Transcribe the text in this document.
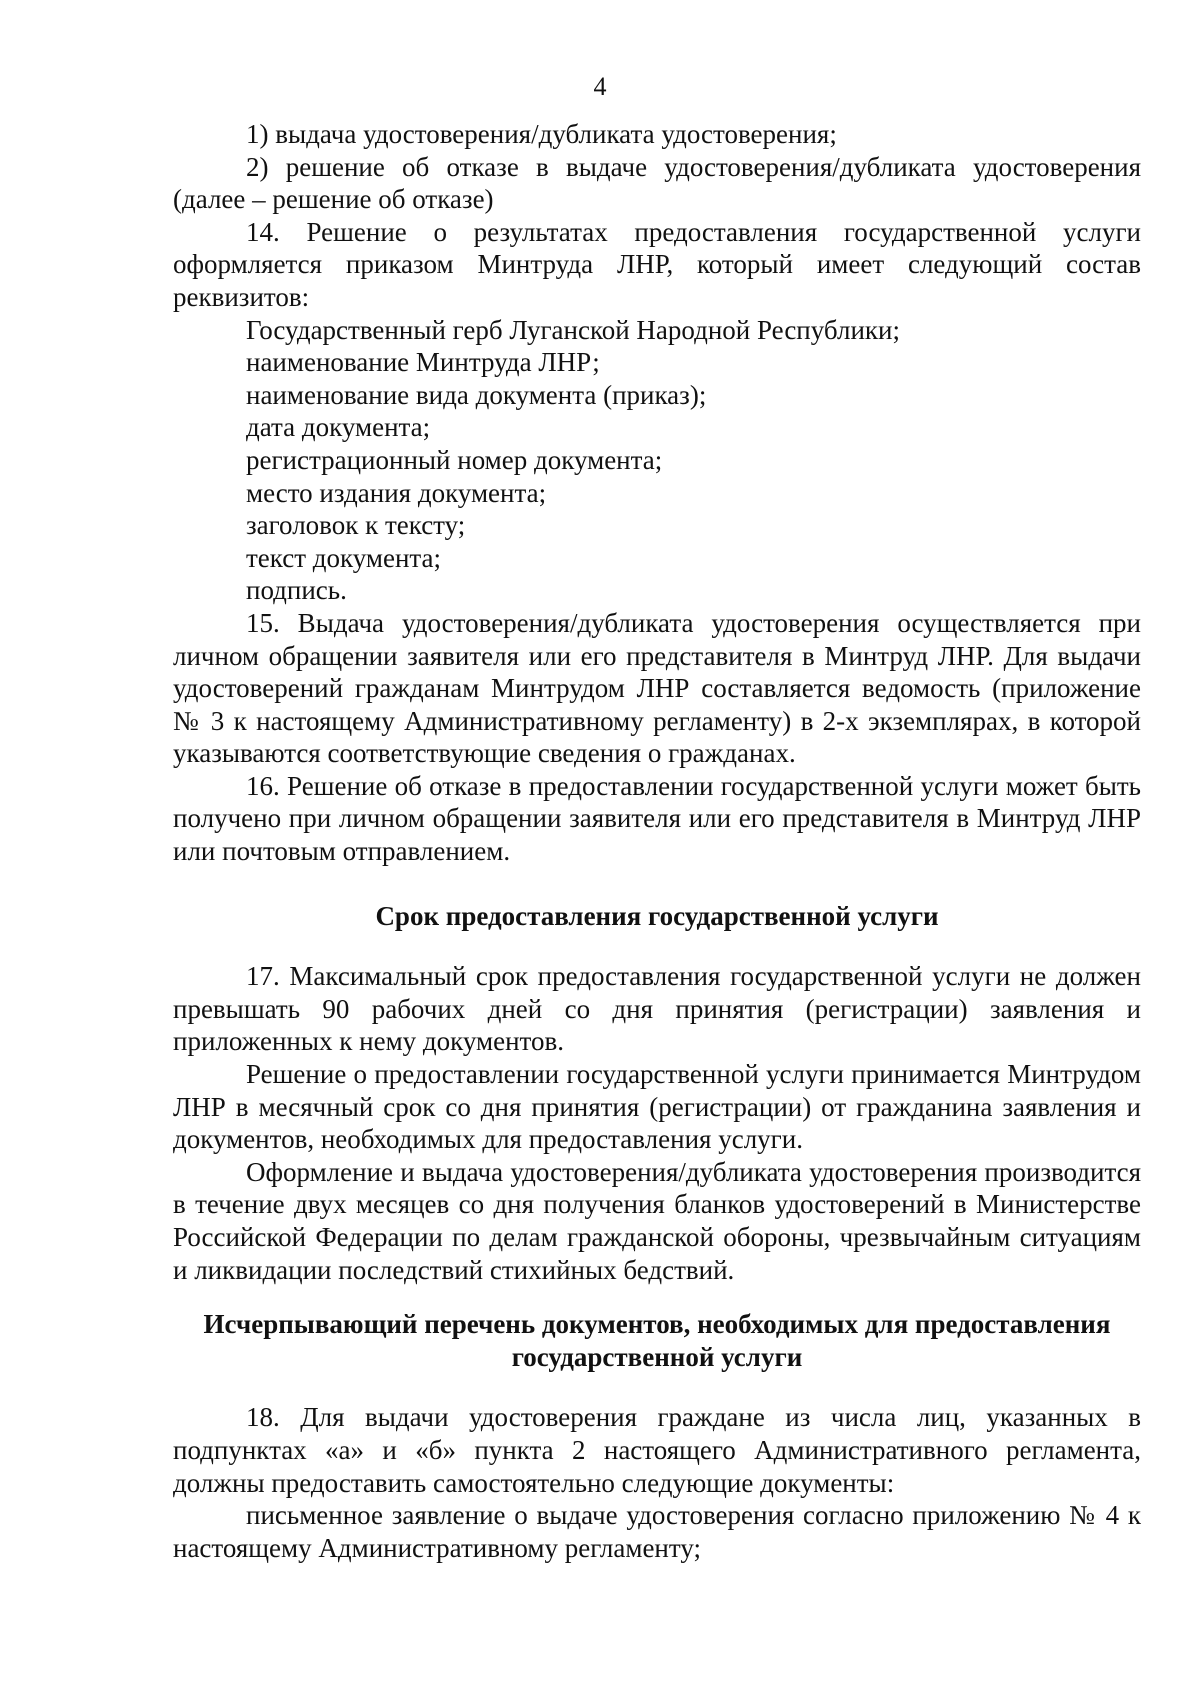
4

1) выдача удостоверения/дубликата удостоверения;

2) решение об отказе в выдаче удостоверения/дубликата удостоверения (далее – решение об отказе)

14. Решение о результатах предоставления государственной услуги оформляется приказом Минтруда ЛНР, который имеет следующий состав реквизитов:

Государственный герб Луганской Народной Республики;

наименование Минтруда ЛНР;

наименование вида документа (приказ);

дата документа;

регистрационный номер документа;

место издания документа;

заголовок к тексту;

текст документа;

подпись.

15. Выдача удостоверения/дубликата удостоверения осуществляется при личном обращении заявителя или его представителя в Минтруд ЛНР. Для выдачи удостоверений гражданам Минтрудом ЛНР составляется ведомость (приложение № 3 к настоящему Административному регламенту) в 2-х экземплярах, в которой указываются соответствующие сведения о гражданах.

16. Решение об отказе в предоставлении государственной услуги может быть получено при личном обращении заявителя или его представителя в Минтруд ЛНР или почтовым отправлением.

Срок предоставления государственной услуги

17. Максимальный срок предоставления государственной услуги не должен превышать 90 рабочих дней со дня принятия (регистрации) заявления и приложенных к нему документов.

Решение о предоставлении государственной услуги принимается Минтрудом ЛНР в месячный срок со дня принятия (регистрации) от гражданина заявления и документов, необходимых для предоставления услуги.

Оформление и выдача удостоверения/дубликата удостоверения производится в течение двух месяцев со дня получения бланков удостоверений в Министерстве Российской Федерации по делам гражданской обороны, чрезвычайным ситуациям и ликвидации последствий стихийных бедствий.

Исчерпывающий перечень документов, необходимых для предоставления
государственной услуги

18. Для выдачи удостоверения граждане из числа лиц, указанных в подпунктах «а» и «б» пункта 2 настоящего Административного регламента, должны предоставить самостоятельно следующие документы:

письменное заявление о выдаче удостоверения согласно приложению № 4 к настоящему Административному регламенту;
